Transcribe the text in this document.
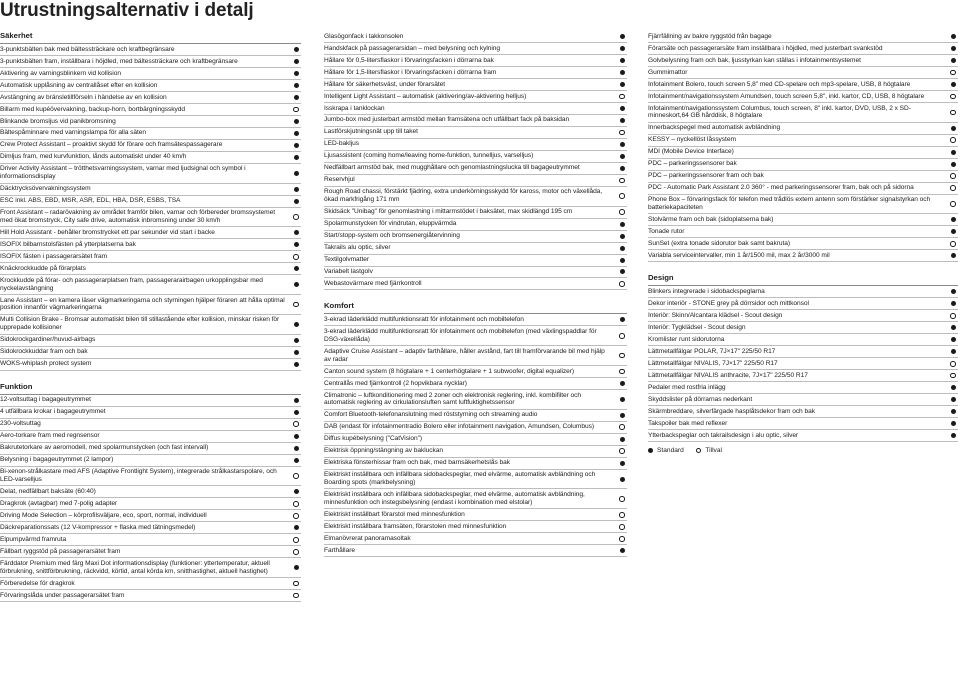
Utrustningsalternativ i detalj
Säkerhet
3-punktsbälten bak med bältessträckare och kraftbegränsare
3-punktsbälten fram, inställbara i höjdled, med bältessträckare och kraftbegränsare
Aktivering av varningsblinkern vid kollision
Automatisk upplåsning av centrallåset efter en kollision
Avstängning av bränsletillförseln i händelse av en kollision
Billarm med kupéövervakning, backup-horn, bortbärgningsskydd
Blinkande bromsljus vid panikbromsning
Bältespåminnare med varningslampa för alla säten
Crew Protect Assistant – proaktivt skydd för förare och framsätespassagerare
Dimljus fram, med kurvfunktion, lånds automatiskt under 40 km/h
Driver Activity Assistant – trötthetsvarningssystem, varnar med ljudsignal och symbol i informationsdisplay
Däcktrycksövervakningssystem
ESC inkl. ABS, EBD, MSR, ASR, EDL, HBA, DSR, ESBS, TSA
Front Assistant – radarövakning av området framför bilen, varnar och förbereder bromssystemet med ökat bromstryck, City safe drive, automatisk inbromsning under 30 km/h
Hill Hold Assistant - behåller bromstrycket ett par sekunder vid start i backe
ISOFIX bilbarnstolsfästen på ytterplatserna bak
ISOFIX fästen i passagerarsätet fram
Knäckrockkudde på förarplats
Krockkudde på förar- och passagerarplatsen fram, passagerarairbagen urkopplingsbar med nyckelavstängning
Lane Assistant – en kamera läser vägmarkeringarna och styrningen hjälper föraren att hålla optimal position innanför vägmarkeringarna
Multi Collision Brake - Bromsar automatiskt bilen till stillastående efter kollision, minskar risken för upprepade kollisioner
Sidokrockgardiner/huvud-airbags
Sidokrockkuddar fram och bak
WOKS-whiplash protect system
Funktion
12-voltsuttag i bagageutrymmet
4 utfällbara krokar i bagageutrymmet
230-voltsuttag
Aero-torkare fram med regnsensor
Bakrutetorkare av aeromodell, med spolarmunstycken (och fast intervall)
Belysning i bagageutrymmet (2 lampor)
Bi-xenon-strålkastare med AFS (Adaptive Frontlight System), integrerade strålkastarspolare, och LED-varselljus
Delat, nedfällbart baksäte (60:40)
Dragkrok (avtagbar) med 7-polig adapter
Driving Mode Selection – körprofilsväljare, eco, sport, normal, individuell
Däckreparationssats (12 V-kompressor + flaska med tätningsmedel)
Elpumpvärmd framruta
Fällbart ryggstöd på passagerarsätet fram
Färddator Premium med färg Maxi Dot informationsdisplay (funktioner: yttertemperatur, aktuell förbrukning, snittförbrukning, räckvidd, körtid, antal körda km, snitthastighet, aktuell hastighet)
Förberedelse för dragkrok
Förvaringslåda under passagerarsätet fram
Glasögonfack i takkonsolen
Handskfack på passagerarsidan – med belysning och kylning
Hållare för 0,5-litersflaskor i förvaringsfacken i dörrarna bak
Hållare för 1,5-litersflaskor i förvaringsfacken i dörrarna fram
Hållare för säkerhetsväst, under förarsätet
Intelligent Light Assistant – automatisk (aktivering/av-aktivering helljus)
Isskrapa i tanklockan
Jumbo-box med justerbart armstöd mellan framsätena och utfällbart fack på baksidan
Lastförskjutningsnät upp till taket
LED-bakljus
Ljusassistent (coming home/leaving home-funktion, tunnelljus, varselljus)
Nedfällbart armstöd bak, med mugghållare och genomlastningslucka till bagageutrymmet
Reservhjul
Rough Road chassi, förstärkt fjädring, extra underkörningsskydd för kaross, motor och växellåda, ökad markfrigång 171 mm
Skidsäck "Unibag" för genomlastning i mittarmstödet i baksätet, max skidlängd 195 cm
Spolarmunstycken för vindrutan, eluppvärmda
Start/stopp-system och bromsenergiåtervinning
Takrails alu optic, silver
Textilgolvmatter
Variabelt lastgolv
Webastovärmare med fjärrkontroll
Komfort
3-ekrad läderklädd multifunktionsratt för infotainment och mobiltelefon
3-ekrad läderklädd multifunktionsratt för infotainment och mobiltelefon (med växlingspaddlar för DSG-växellåda)
Adaptive Cruise Assistant – adaptiv farthållare, håller avstånd, fart till framförvarande bil med hjälp av radar
Canton sound system (8 högtalare + 1 centerhögtalare + 1 subwoofer, digital equalizer)
Centrallås med fjärrkontroll (2 hopvikbara nycklar)
Climatronic – luftkonditionering med 2 zoner och elektronisk reglering, inkl. kombifilter och automatisk reglering av cirkulationsluften samt luftfuktighetssensor
Comfort Bluetooth-telefonanslutning med röststyrning och streaming audio
DAB (endast för infotainmentradio Bolero eller infotainment navigation, Amundsen, Columbus)
Diffus kupébelysning ("CatVision")
Elektrisk öppning/stängning av bakluckan
Elektriska fönsterhissar fram och bak, med barnsäkerhetslås bak
Elektriskt inställbara och infällbara sidobackspeglar, med elvärme, automatisk avbländning och Boarding spots (markbelysning)
Elektriskt inställbara och infällbara sidobackspeglar, med elvärme, automatisk avbländning, minnesfunktion och instegsbelysning (endast i kombination med elstolar)
Elektriskt inställbart förarstol med minnesfunktion
Elektriskt inställbara framsäten, förarstolen med minnesfunktion
Elmanövrerat panoramasoltak
Farthållare
Fjärrfällning av bakre ryggstöd från bagage
Förarsäte och passagerarsäte fram inställbara i höjdled, med justerbart svankstöd
Golvbelysning fram och bak, ljusstyrkan kan ställas i infotainmentsystemet
Gummimattor
Infotainment Bolero, touch screen 5,8" med CD-spelare och mp3-spelare, USB, 8 högtalare
Infotainment/navigationssystem Amundsen, touch screen 5,8", inkl. kartor, CD, USB, 8 högtalare
Infotainment/navigationssystem Columbus, touch screen, 8" inkl. kartor, DVD, USB, 2 x SD-minneskort,64 GB hårddisk, 8 högtalare
Innerbackspegel med automatisk avbländning
KESSY – nyckellöst låssystem
MDI (Mobile Device Interface)
PDC – parkeringssensorer bak
PDC – parkeringssensorer fram och bak
PDC - Automatic Park Assistant 2.0 360° - med parkeringssensorer fram, bak och på sidorna
Phone Box – förvaringsfack för telefon med trådlös extern antenn som förstärker signalstyrkan och batteriekapaciteten
Stolvärme fram och bak (sidoplatserna bak)
Tonade rutor
SunSet (extra tonade sidorutor bak samt bakruta)
Variabla serviceintervaller, min 1 år/1500 mil, max 2 år/3000 mil
Design
Blinkers integrerade i sidobackspeglarna
Dekor interiör - STONE grey på dörrsidor och mittkonsol
Interiör: Skinn/Alcantara klädsel - Scout design
Interiör: Tygklädsel - Scout design
Kromlister runt sidorutorna
Lättmetallfälgar POLAR, 7J×17" 225/50 R17
Lättmetallfälgar NIVALIS, 7J×17" 225/50 R17
Lättmetallfälgar NIVALIS anthracite, 7J×17" 225/50 R17
Pedaler med rostfria inlägg
Skyddslister på dörrarnas nederkant
Skärmbreddare, silverfärgade hasplåtsdekor fram och bak
Takspoiler bak med reflexer
Ytterbackspeglar och takrailsdesign i alu optic, silver
Standard	Tillval
